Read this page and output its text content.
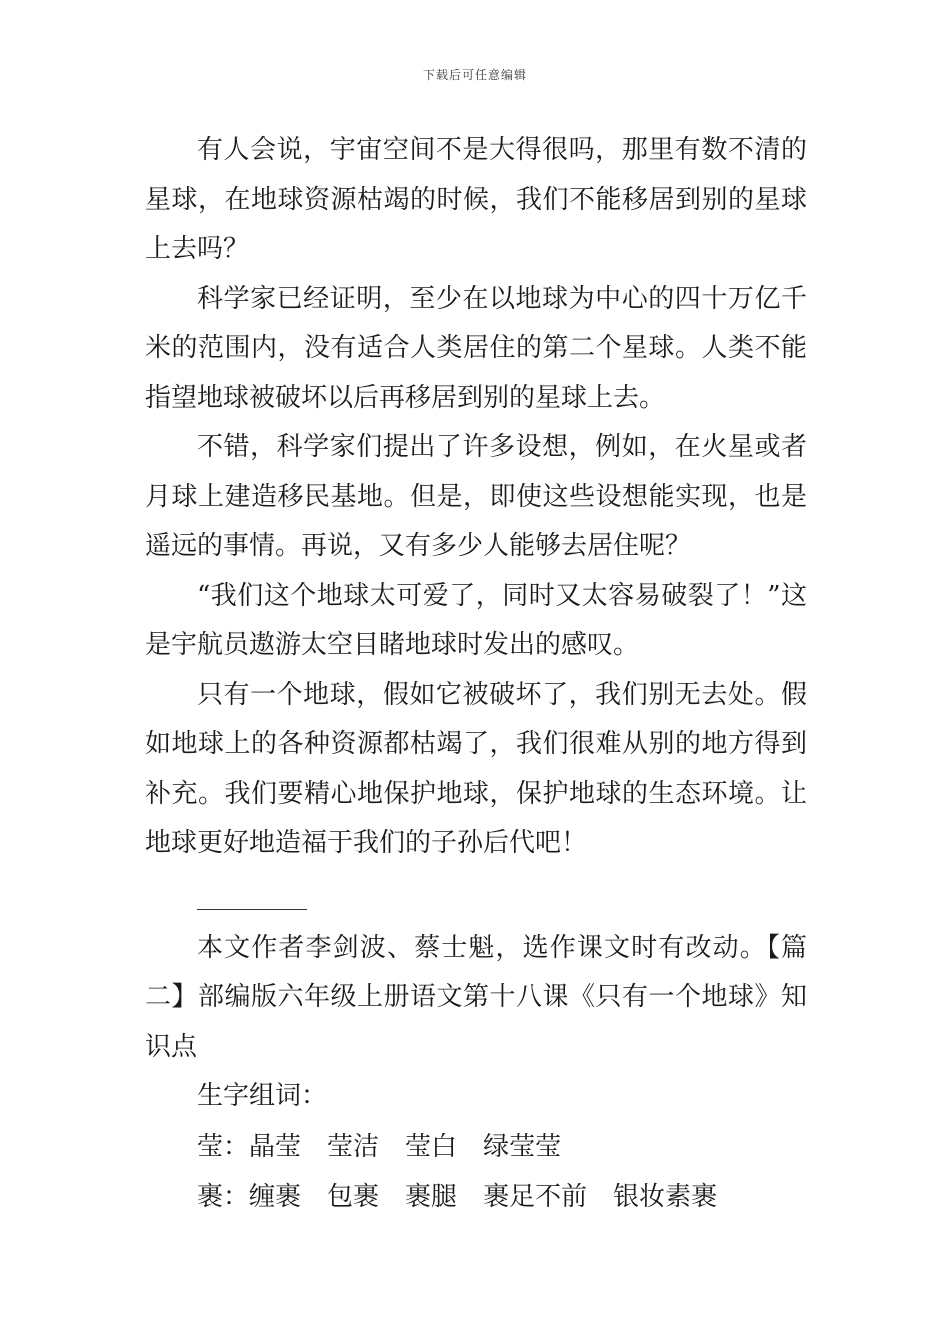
下载后可任意编辑

有人会说，宇宙空间不是大得很吗，那里有数不清的星球，在地球资源枯竭的时候，我们不能移居到别的星球上去吗？

科学家已经证明，至少在以地球为中心的四十万亿千米的范围内，没有适合人类居住的第二个星球。人类不能指望地球被破坏以后再移居到别的星球上去。

不错，科学家们提出了许多设想，例如，在火星或者月球上建造移民基地。但是，即使这些设想能实现，也是遥远的事情。再说，又有多少人能够去居住呢？

“我们这个地球太可爱了，同时又太容易破裂了！”这是宇航员遨游太空目睹地球时发出的感叹。

只有一个地球，假如它被破坏了，我们别无去处。假如地球上的各种资源都枯竭了，我们很难从别的地方得到补充。我们要精心地保护地球，保护地球的生态环境。让地球更好地造福于我们的子孙后代吧！

本文作者李剑波、蔡士魁，选作课文时有改动。【篇二】部编版六年级上册语文第十八课《只有一个地球》知识点

生字组词：

莹：晶莹 莹洁 莹白 绿莹莹

裹：缠裹 包裹 裹腿 裹足不前 银妆素裹
